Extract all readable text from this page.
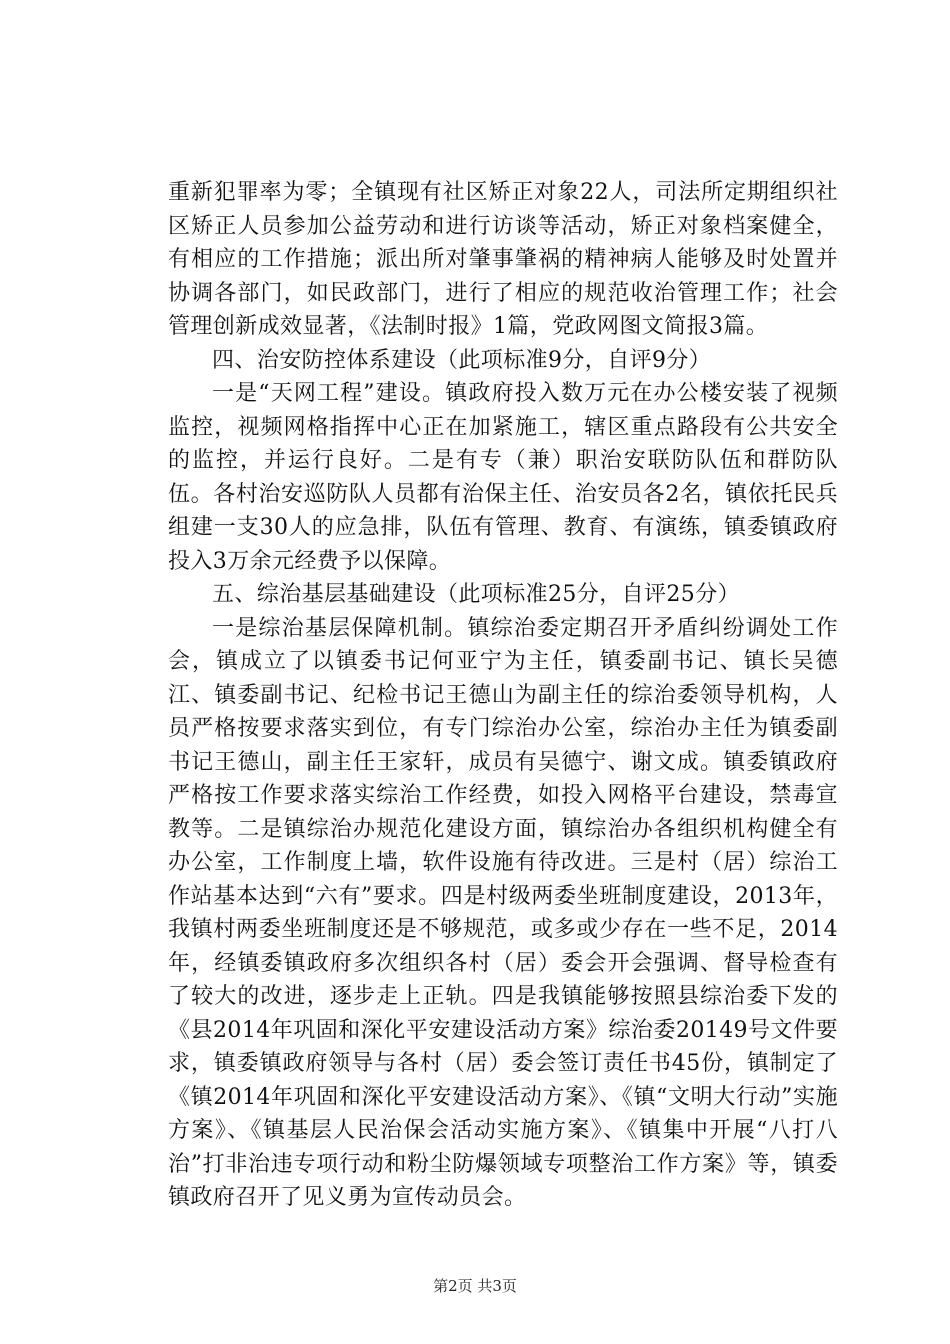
重新犯罪率为零；全镇现有社区矫正对象22人，司法所定期组织社区矫正人员参加公益劳动和进行访谈等活动，矫正对象档案健全，有相应的工作措施；派出所对肇事肇祸的精神病人能够及时处置并协调各部门，如民政部门，进行了相应的规范收治管理工作；社会管理创新成效显著，《法制时报》1篇，党政网图文简报3篇。

四、治安防控体系建设（此项标准9分，自评9分）

一是“天网工程”建设。镇政府投入数万元在办公楼安装了视频监控，视频网格指挥中心正在加紧施工，辖区重点路段有公共安全的监控，并运行良好。二是有专（兼）职治安联防队伍和群防队伍。各村治安巡防队人员都有治保主任、治安员各2名，镇依托民兵组建一支30人的应急排，队伍有管理、教育、有演练，镇委镇政府投入3万余元经费予以保障。

五、综治基层基础建设（此项标准25分，自评25分）

一是综治基层保障机制。镇综治委定期召开矛盾纠纷调处工作会，镇成立了以镇委书记何亚宁为主任，镇委副书记、镇长吴德江、镇委副书记、纪检书记王德山为副主任的综治委领导机构，人员严格按要求落实到位，有专门综治办公室，综治办主任为镇委副书记王德山，副主任王家轩，成员有吴德宁、谢文成。镇委镇政府严格按工作要求落实综治工作经费，如投入网格平台建设，禁毒宣教等。二是镇综治办规范化建设方面，镇综治办各组织机构健全有办公室，工作制度上墙，软件设施有待改进。三是村（居）综治工作站基本达到“六有”要求。四是村级两委坐班制度建设，2013年，我镇村两委坐班制度还是不够规范，或多或少存在一些不足，2014年，经镇委镇政府多次组织各村（居）委会开会强调、督导检查有了较大的改进，逐步走上正轨。四是我镇能够按照县综治委下发的《县2014年巩固和深化平安建设活动方案》综治委20149号文件要求，镇委镇政府领导与各村（居）委会签订责任书45份，镇制定了《镇2014年巩固和深化平安建设活动方案》、《镇“文明大行动”实施方案》、《镇基层人民治保会活动实施方案》、《镇集中开展“八打八治”打非治违专项行动和粉尘防爆领域专项整治工作方案》等，镇委镇政府召开了见义勇为宣传动员会。

第2页 共3页
